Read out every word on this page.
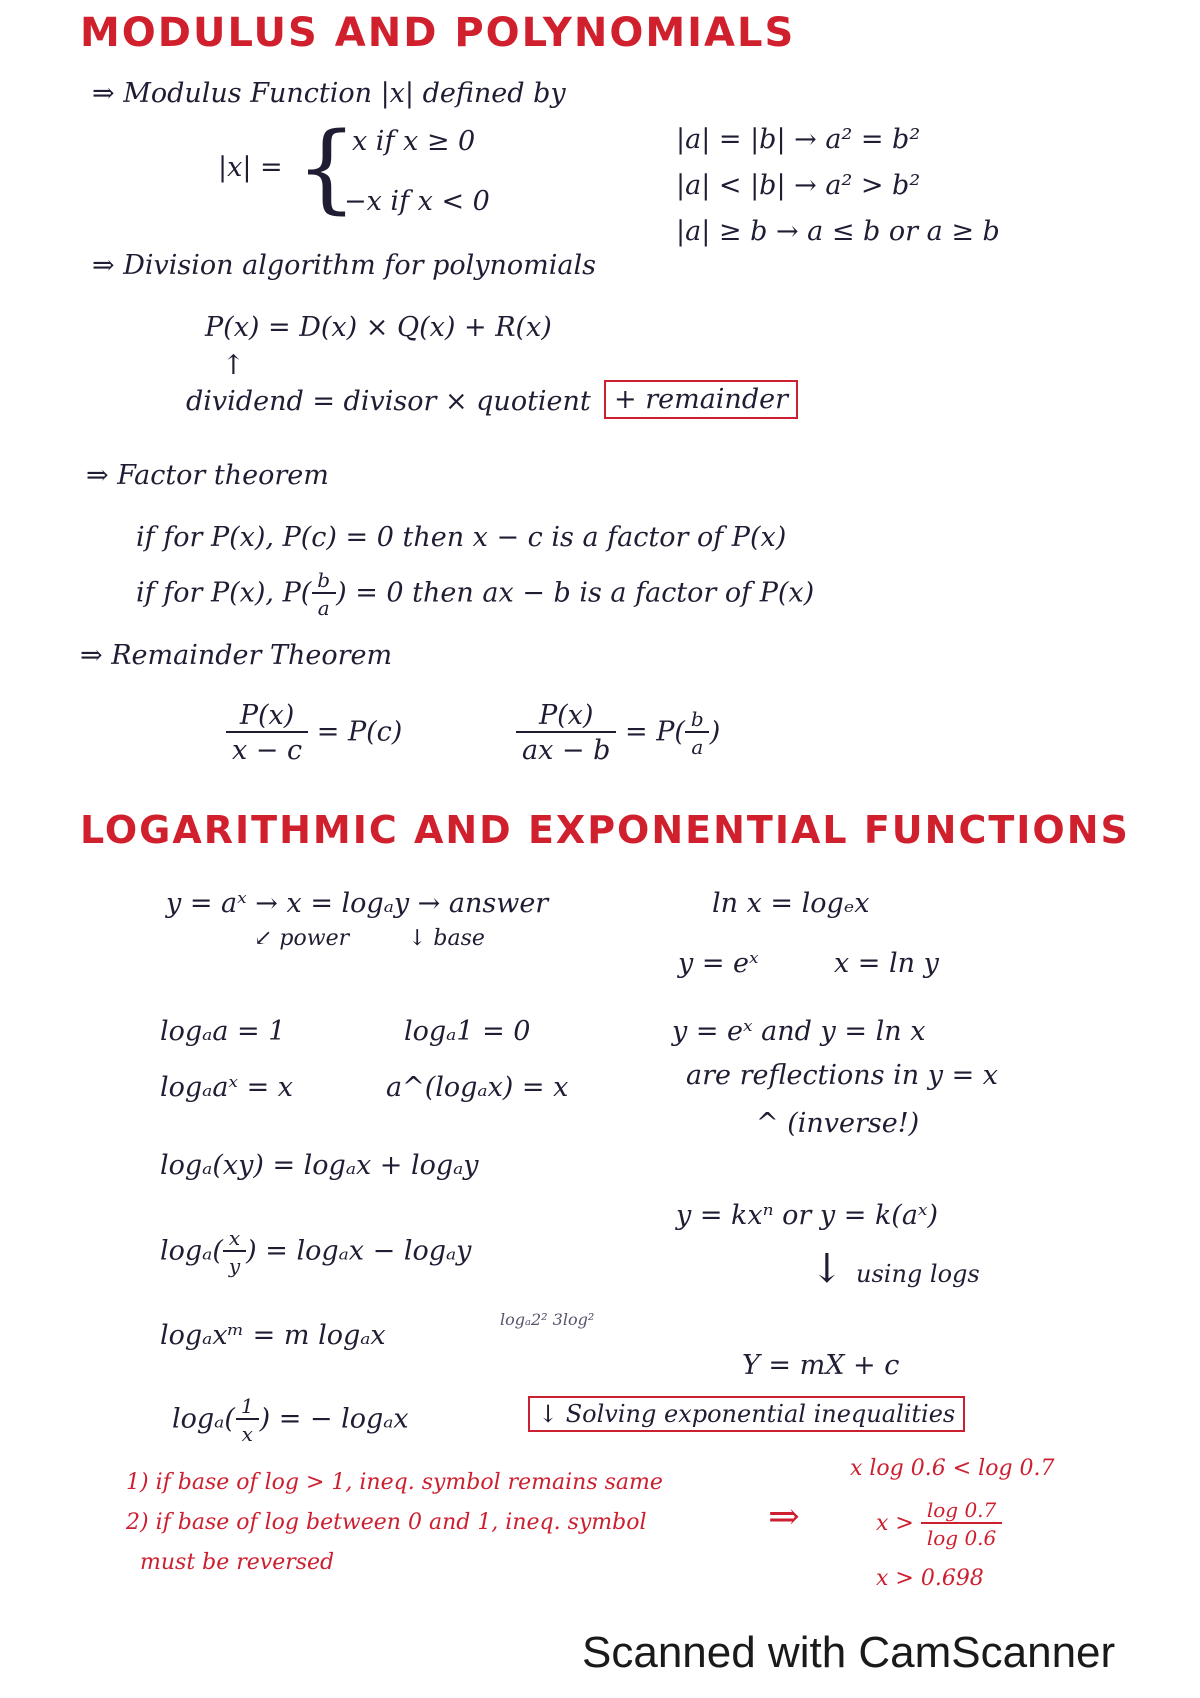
MODULUS AND POLYNOMIALS
⇒ Modulus Function |x| defined by
|x| = {
x if x ≥ 0
−x if x < 0
|a| = |b| → a² = b²
|a| < |b| → a² > b²
|a| ≥ b → a ≤ b or a ≥ b
⇒ Division algorithm for polynomials
P(x) = D(x) × Q(x) + R(x)
↑
dividend = divisor × quotient + remainder
⇒ Factor theorem
if for P(x), P(c) = 0 then x − c is a factor of P(x)
if for P(x), $P( \frac{b}{a}$ ) = 0 then ax − b is a factor of P(x)
⇒ Remainder Theorem
$\frac{P(x)}{x - c} = P(c)$	$\frac{P(x)}{ax - b} = P( \frac{b}{a}$ )
LOGARITHMIC AND EXPONENTIAL FUNCTIONS
y = aˣ → x = logₐy → answer
↙ power	↓ base
ln x = logₑx
y = eˣ	x = ln y
logₐa = 1	logₐ1 = 0
logₐaˣ = x	a^(logₐx) = x
y = eˣ and y = ln x
are reflections in y = x
^ (inverse!)
logₐ(xy) = logₐx + logₐy
$\log_a( \frac{x}{y}$ ) = logₐx − logₐy
logₐxᵐ = m logₐx
logₐ2² 3log²
$\log_a( \frac{1}{x}$ ) = − logₐx
y = kxⁿ or y = k(aˣ)
↓ using logs
Y = mX + c
↓ Solving exponential inequalities
1) if base of log > 1, ineq. symbol remains same
2) if base of log between 0 and 1, ineq. symbol
must be reversed
⇒
x log 0.6 < log 0.7
$x > \frac{\log 0.7}{\log 0.6}$
x > 0.698
Scanned with CamScanner
